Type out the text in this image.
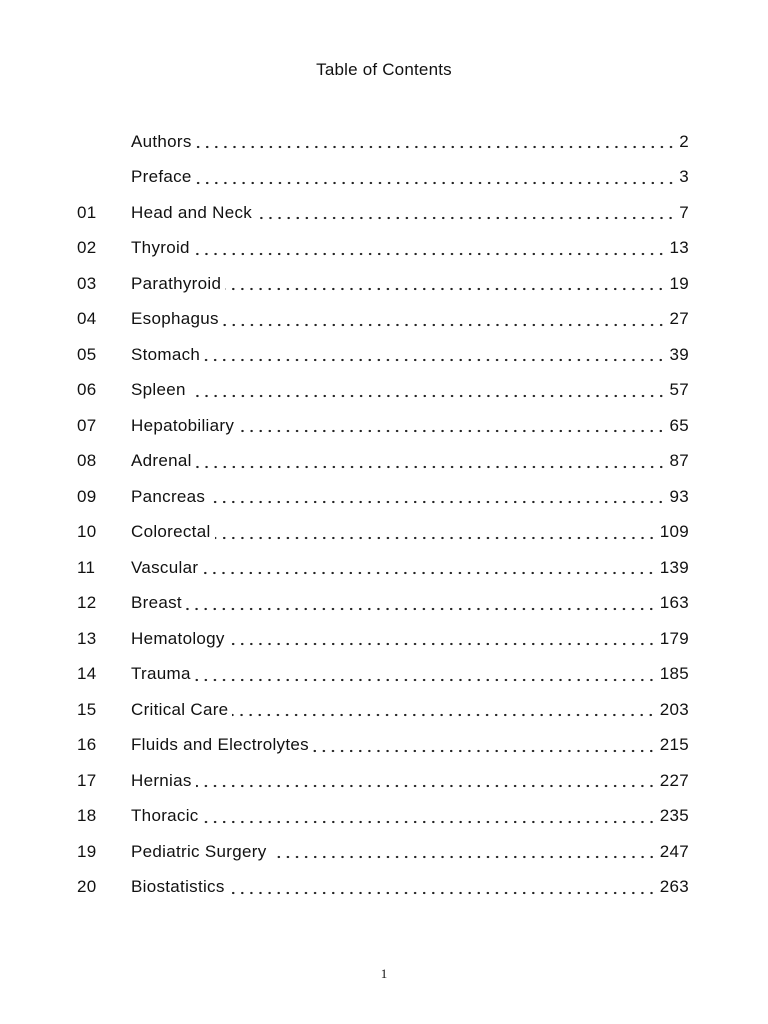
Table of Contents
Authors	2
Preface	3
01	Head and Neck	7
02	Thyroid	13
03	Parathyroid	19
04	Esophagus	27
05	Stomach	39
06	Spleen	57
07	Hepatobiliary	65
08	Adrenal	87
09	Pancreas	93
10	Colorectal	109
11	Vascular	139
12	Breast	163
13	Hematology	179
14	Trauma	185
15	Critical Care	203
16	Fluids and Electrolytes	215
17	Hernias	227
18	Thoracic	235
19	Pediatric Surgery	247
20	Biostatistics	263
1
